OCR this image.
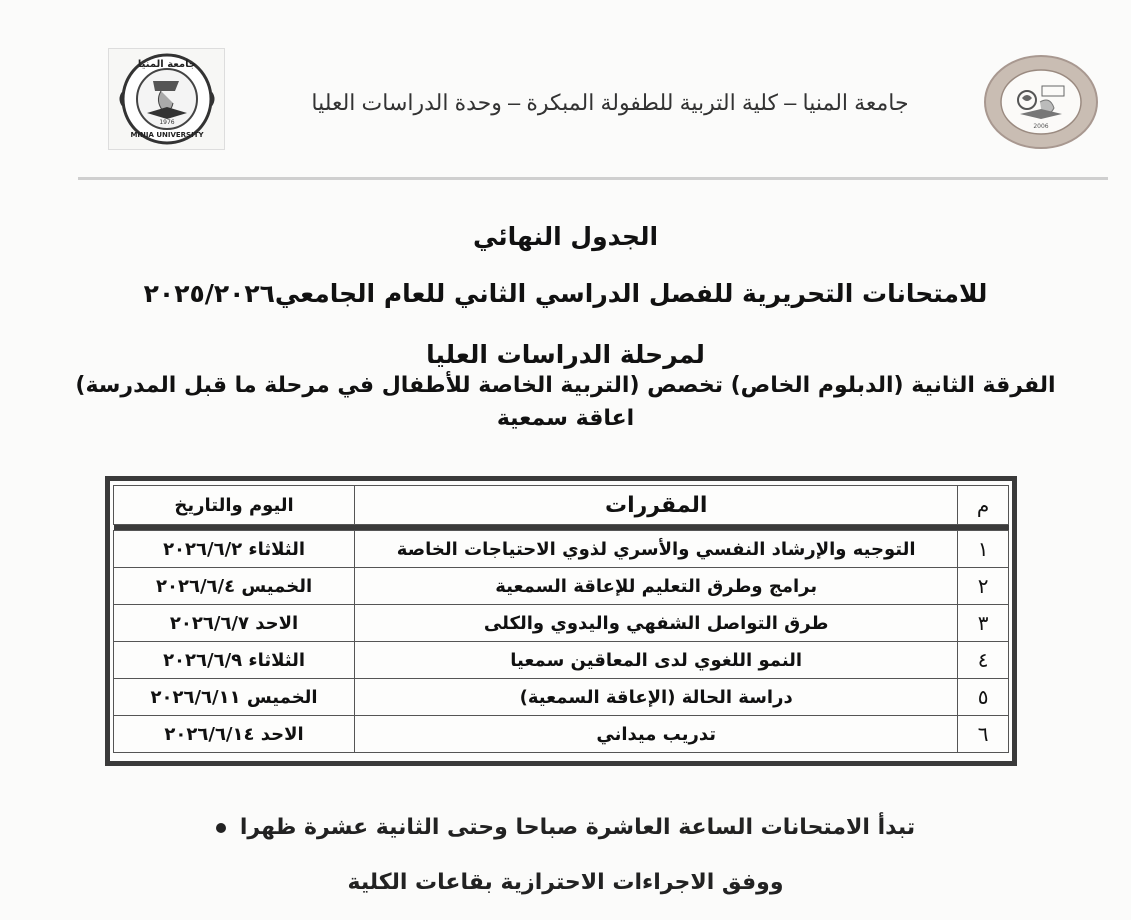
1976
MINIA UNIVERSITY
جامعة المنيا
جامعة المنيا – كلية التربية للطفولة المبكرة – وحدة الدراسات العليا
2006
الجدول النهائي
للامتحانات التحريرية للفصل الدراسي الثاني للعام الجامعي٢٠٢٥/٢٠٢٦
لمرحلة الدراسات العليا
الفرقة الثانية (الدبلوم الخاص) تخصص (التربية الخاصة للأطفال في مرحلة ما قبل المدرسة)
اعاقة سمعية
م	المقررات	اليوم والتاريخ

١	التوجيه والإرشاد النفسي والأسري لذوي الاحتياجات الخاصة	الثلاثاء ٢٠٢٦/٦/٢
٢	برامج وطرق التعليم للإعاقة السمعية	الخميس ٢٠٢٦/٦/٤
٣	طرق التواصل الشفهي واليدوي والكلى	الاحد ٢٠٢٦/٦/٧
٤	النمو اللغوي لدى المعاقين سمعيا	الثلاثاء ٢٠٢٦/٦/٩
٥	دراسة الحالة (الإعاقة السمعية)	الخميس ٢٠٢٦/٦/١١
٦	تدريب ميداني	الاحد ٢٠٢٦/٦/١٤
تبدأ الامتحانات الساعة العاشرة صباحا وحتى الثانية عشرة ظهرا
ووفق الاجراءات الاحترازية بقاعات الكلية
